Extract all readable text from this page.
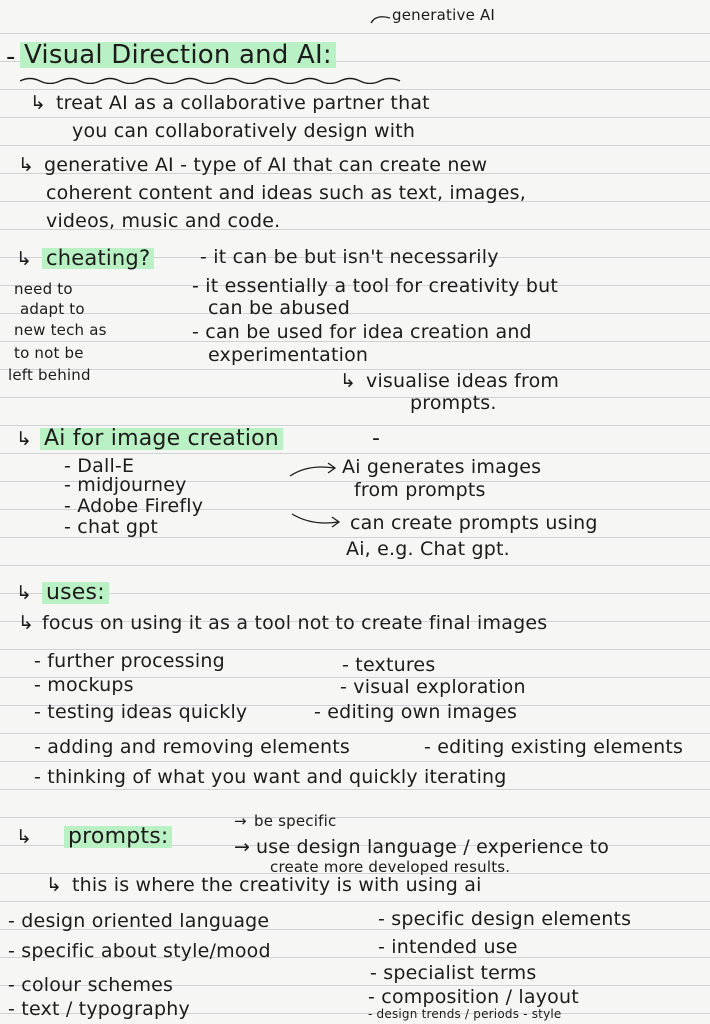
generative AI
- Visual Direction and AI:
↳ treat AI as a collaborative partner that
you can collaboratively design with
↳ generative AI - type of AI that can create new
coherent content and ideas such as text, images,
videos, music and code.
↳ cheating?	- it can be but isn't necessarily
need to
adapt to
new tech as
to not be
left behind
- it essentially a tool for creativity but
can be abused
- can be used for idea creation and
experimentation
↳ visualise ideas from
prompts.
↳ Ai for image creation	-
- Dall-E
- midjourney
- Adobe Firefly
- chat gpt
Ai generates images
from prompts
can create prompts using
Ai, e.g. Chat gpt.
↳ uses:
↳ focus on using it as a tool not to create final images
- further processing
- mockups
- testing ideas quickly
- adding and removing elements
- thinking of what you want and quickly iterating
- textures
- visual exploration
- editing own images
- editing existing elements
↳ prompts:
→ be specific
→ use design language / experience to
create more developed results.
↳ this is where the creativity is with using ai
- design oriented language
- specific about style/mood
- colour schemes
- text / typography
- specific design elements
- intended use
- specialist terms
- composition / layout
- design trends / periods - style
